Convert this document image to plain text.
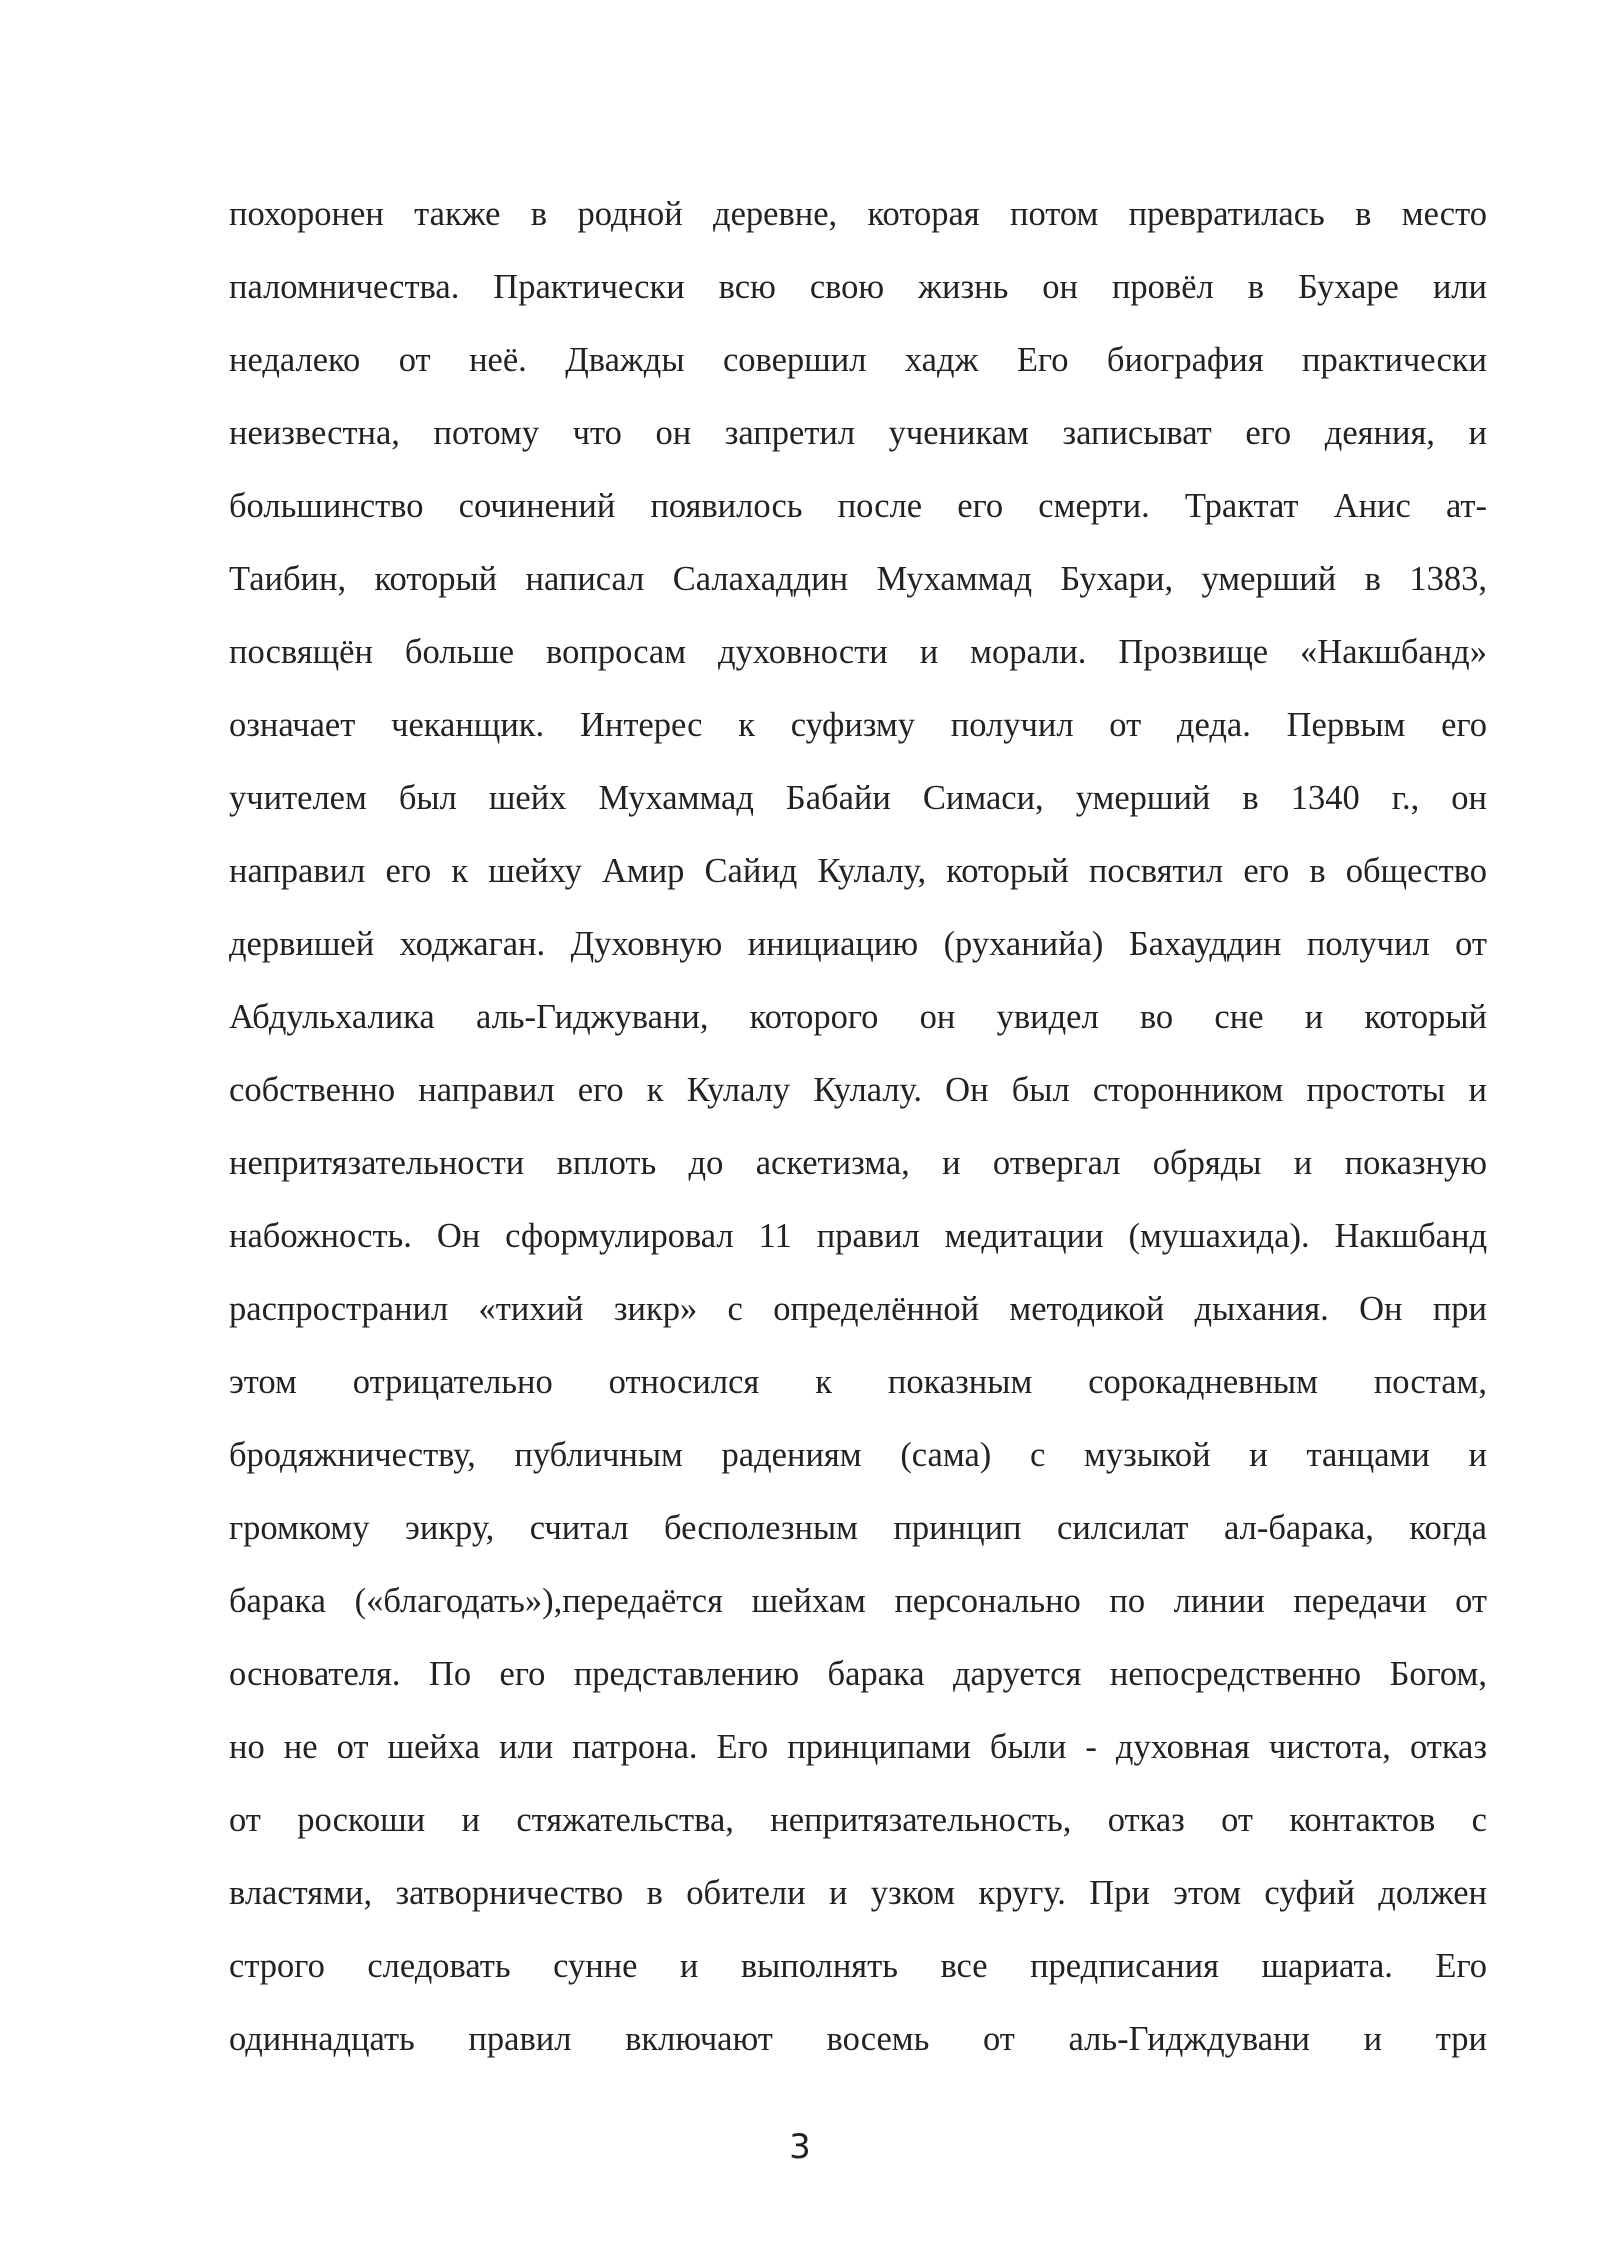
похоронен также в родной деревне, которая потом превратилась в место
паломничества. Практически всю свою жизнь он провёл в Бухаре или
недалеко от неё. Дважды совершил хадж Его биография практически
неизвестна, потому что он запретил ученикам записыват его деяния, и
большинство сочинений появилось после его смерти. Трактат Анис ат-
Таибин, который написал Салахаддин Мухаммад Бухари, умерший в 1383,
посвящён больше вопросам духовности и морали. Прозвище «Накшбанд»
означает чеканщик. Интерес к суфизму получил от деда. Первым его
учителем был шейх Мухаммад Бабайи Симаси, умерший в 1340 г., он
направил его к шейху Амир Сайид Кулалу, который посвятил его в общество
дервишей ходжаган. Духовную инициацию (руханийа) Бахауддин получил от
Абдульхалика аль-Гиджувани, которого он увидел во сне и который
собственно направил его к Кулалу Кулалу. Он был сторонником простоты и
непритязательности вплоть до аскетизма, и отвергал обряды и показную
набожность. Он сформулировал 11 правил медитации (мушахида). Накшбанд
распространил «тихий зикр» с определённой методикой дыхания. Он при
этом отрицательно относился к показным сорокадневным постам,
бродяжничеству, публичным радениям (сама) с музыкой и танцами и
громкому эикру, считал бесполезным принцип силсилат ал-барака, когда
барака («благодать»),передаётся шейхам персонально по линии передачи от
основателя. По его представлению барака даруется непосредственно Богом,
но не от шейха или патрона. Его принципами были - духовная чистота, отказ
от роскоши и стяжательства, непритязательность, отказ от контактов с
властями, затворничество в обители и узком кругу. При этом суфий должен
строго следовать сунне и выполнять все предписания шариата. Его
одиннадцать правил включают восемь от аль-Гидждувани и три

3
